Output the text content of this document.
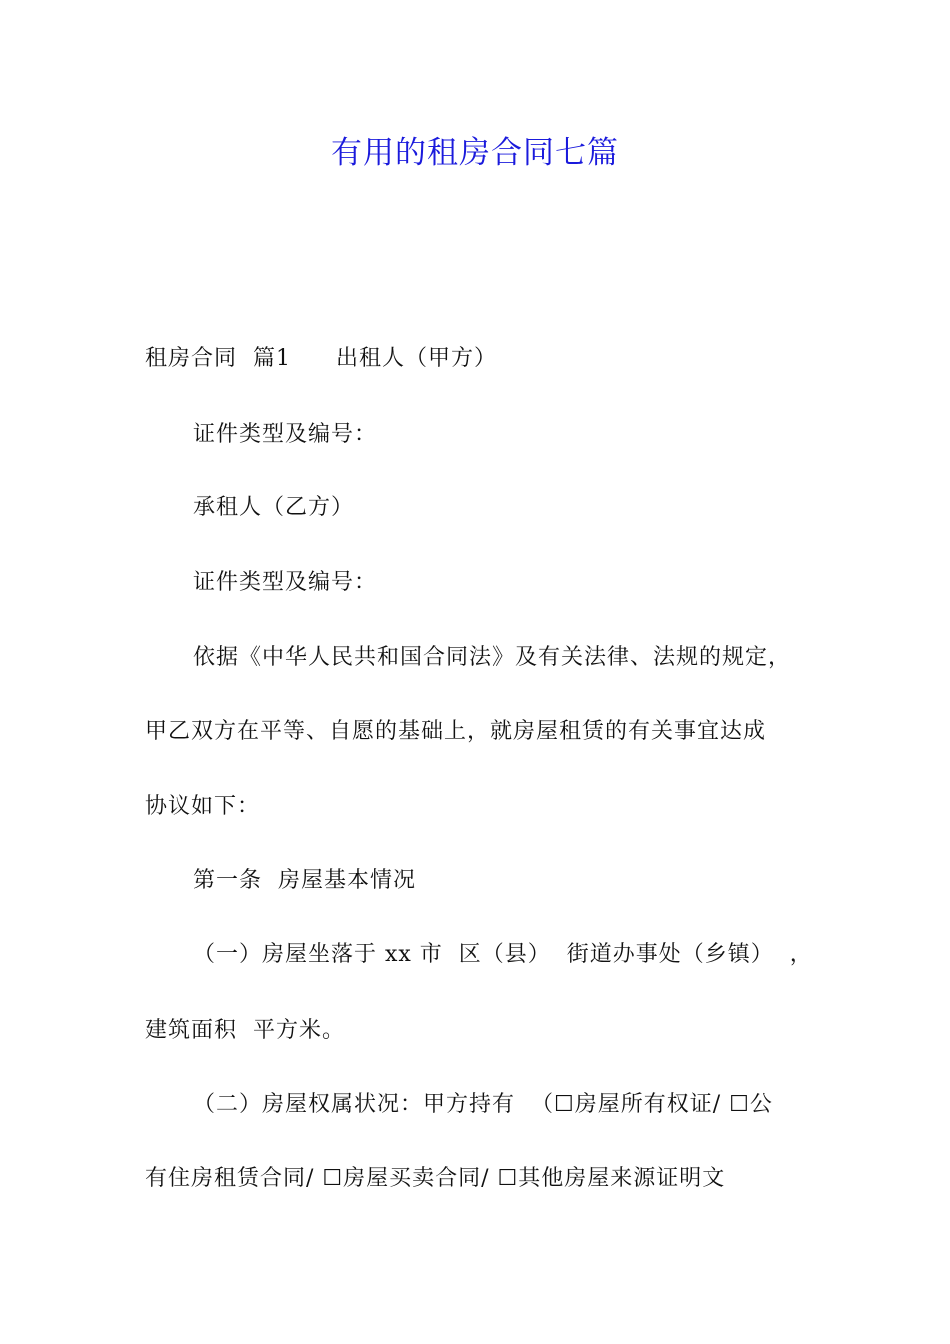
有用的租房合同七篇
租房合同  篇1 出租人（甲方）
证件类型及编号：
承租人（乙方）
证件类型及编号：
依据《中华人民共和国合同法》及有关法律、法规的规定，
甲乙双方在平等、自愿的基础上，就房屋租赁的有关事宜达成
协议如下：
第一条  房屋基本情况
（一）房屋坐落于 xx 市  区（县）  街道办事处（乡镇）  ，
建筑面积  平方米。
（二）房屋权属状况：甲方持有  （☐房屋所有权证/ ☐公
有住房租赁合同/ ☐房屋买卖合同/ ☐其他房屋来源证明文
